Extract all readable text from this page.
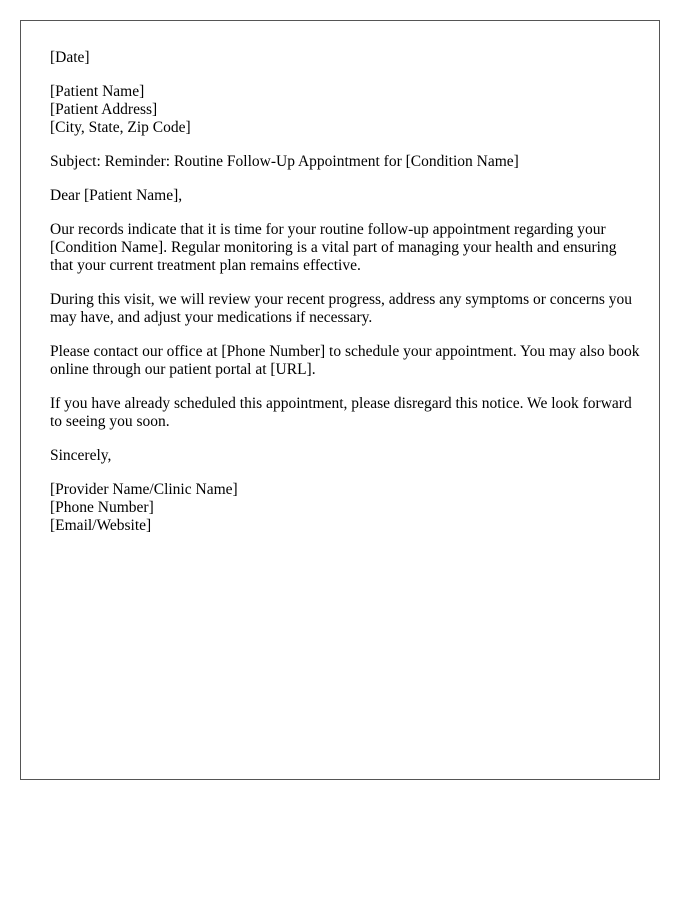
[Date]
[Patient Name]
[Patient Address]
[City, State, Zip Code]
Subject: Reminder: Routine Follow-Up Appointment for [Condition Name]
Dear [Patient Name],

Our records indicate that it is time for your routine follow-up appointment regarding your [Condition Name]. Regular monitoring is a vital part of managing your health and ensuring that your current treatment plan remains effective.

During this visit, we will review your recent progress, address any symptoms or concerns you may have, and adjust your medications if necessary.

Please contact our office at [Phone Number] to schedule your appointment. You may also book online through our patient portal at [URL].

If you have already scheduled this appointment, please disregard this notice. We look forward to seeing you soon.

Sincerely,
[Provider Name/Clinic Name]
[Phone Number]
[Email/Website]
